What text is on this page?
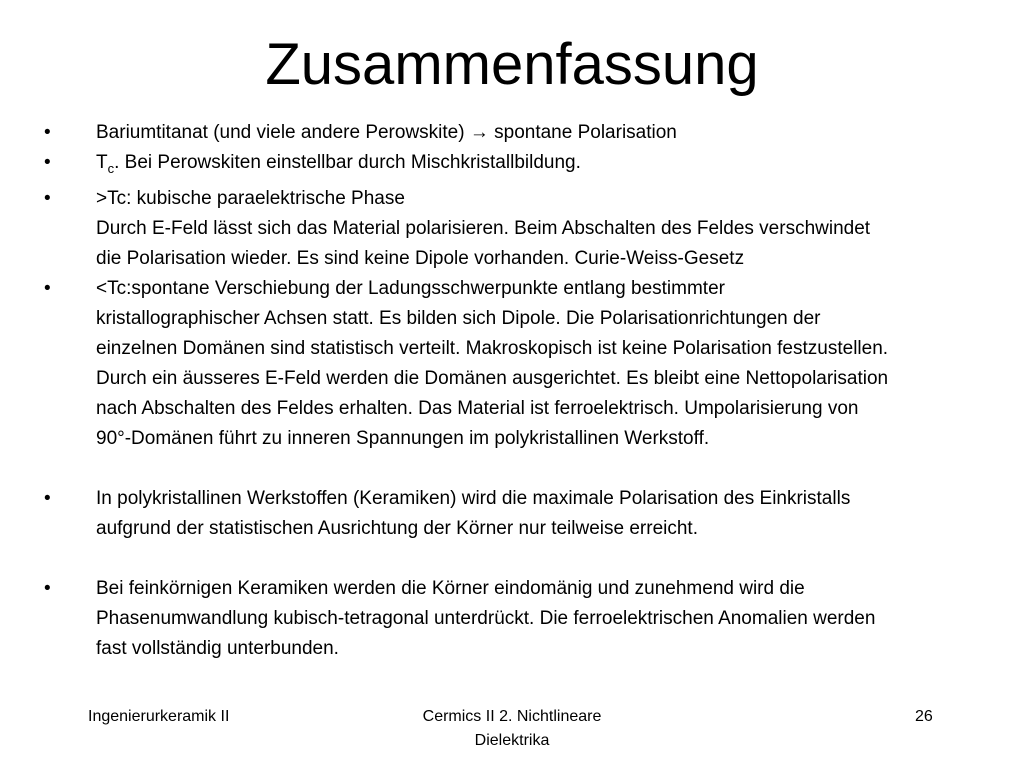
Zusammenfassung
• Bariumtitanat (und viele andere Perowskite) → spontane Polarisation
• $T_c$. Bei Perowskiten einstellbar durch Mischkristallbildung.
• >Tc: kubische paraelektrische Phase
Durch E-Feld lässt sich das Material polarisieren. Beim Abschalten des Feldes verschwindet
die Polarisation wieder. Es sind keine Dipole vorhanden. Curie-Weiss-Gesetz
• <Tc:spontane Verschiebung der Ladungsschwerpunkte entlang bestimmter
kristallographischer Achsen statt. Es bilden sich Dipole. Die Polarisationrichtungen der
einzelnen Domänen sind statistisch verteilt. Makroskopisch ist keine Polarisation festzustellen.
Durch ein äusseres E-Feld werden die Domänen ausgerichtet. Es bleibt eine Nettopolarisation
nach Abschalten des Feldes erhalten. Das Material ist ferroelektrisch. Umpolarisierung von
90°-Domänen führt zu inneren Spannungen im polykristallinen Werkstoff.
• In polykristallinen Werkstoffen (Keramiken) wird die maximale Polarisation des Einkristalls
aufgrund der statistischen Ausrichtung der Körner nur teilweise erreicht.
• Bei feinkörnigen Keramiken werden die Körner eindomänig und zunehmend wird die
Phasenumwandlung kubisch-tetragonal unterdrückt. Die ferroelektrischen Anomalien werden
fast vollständig unterbunden.
Ingenierurkeramik II	Cermics II 2. Nichtlineare
Dielektrika
26
